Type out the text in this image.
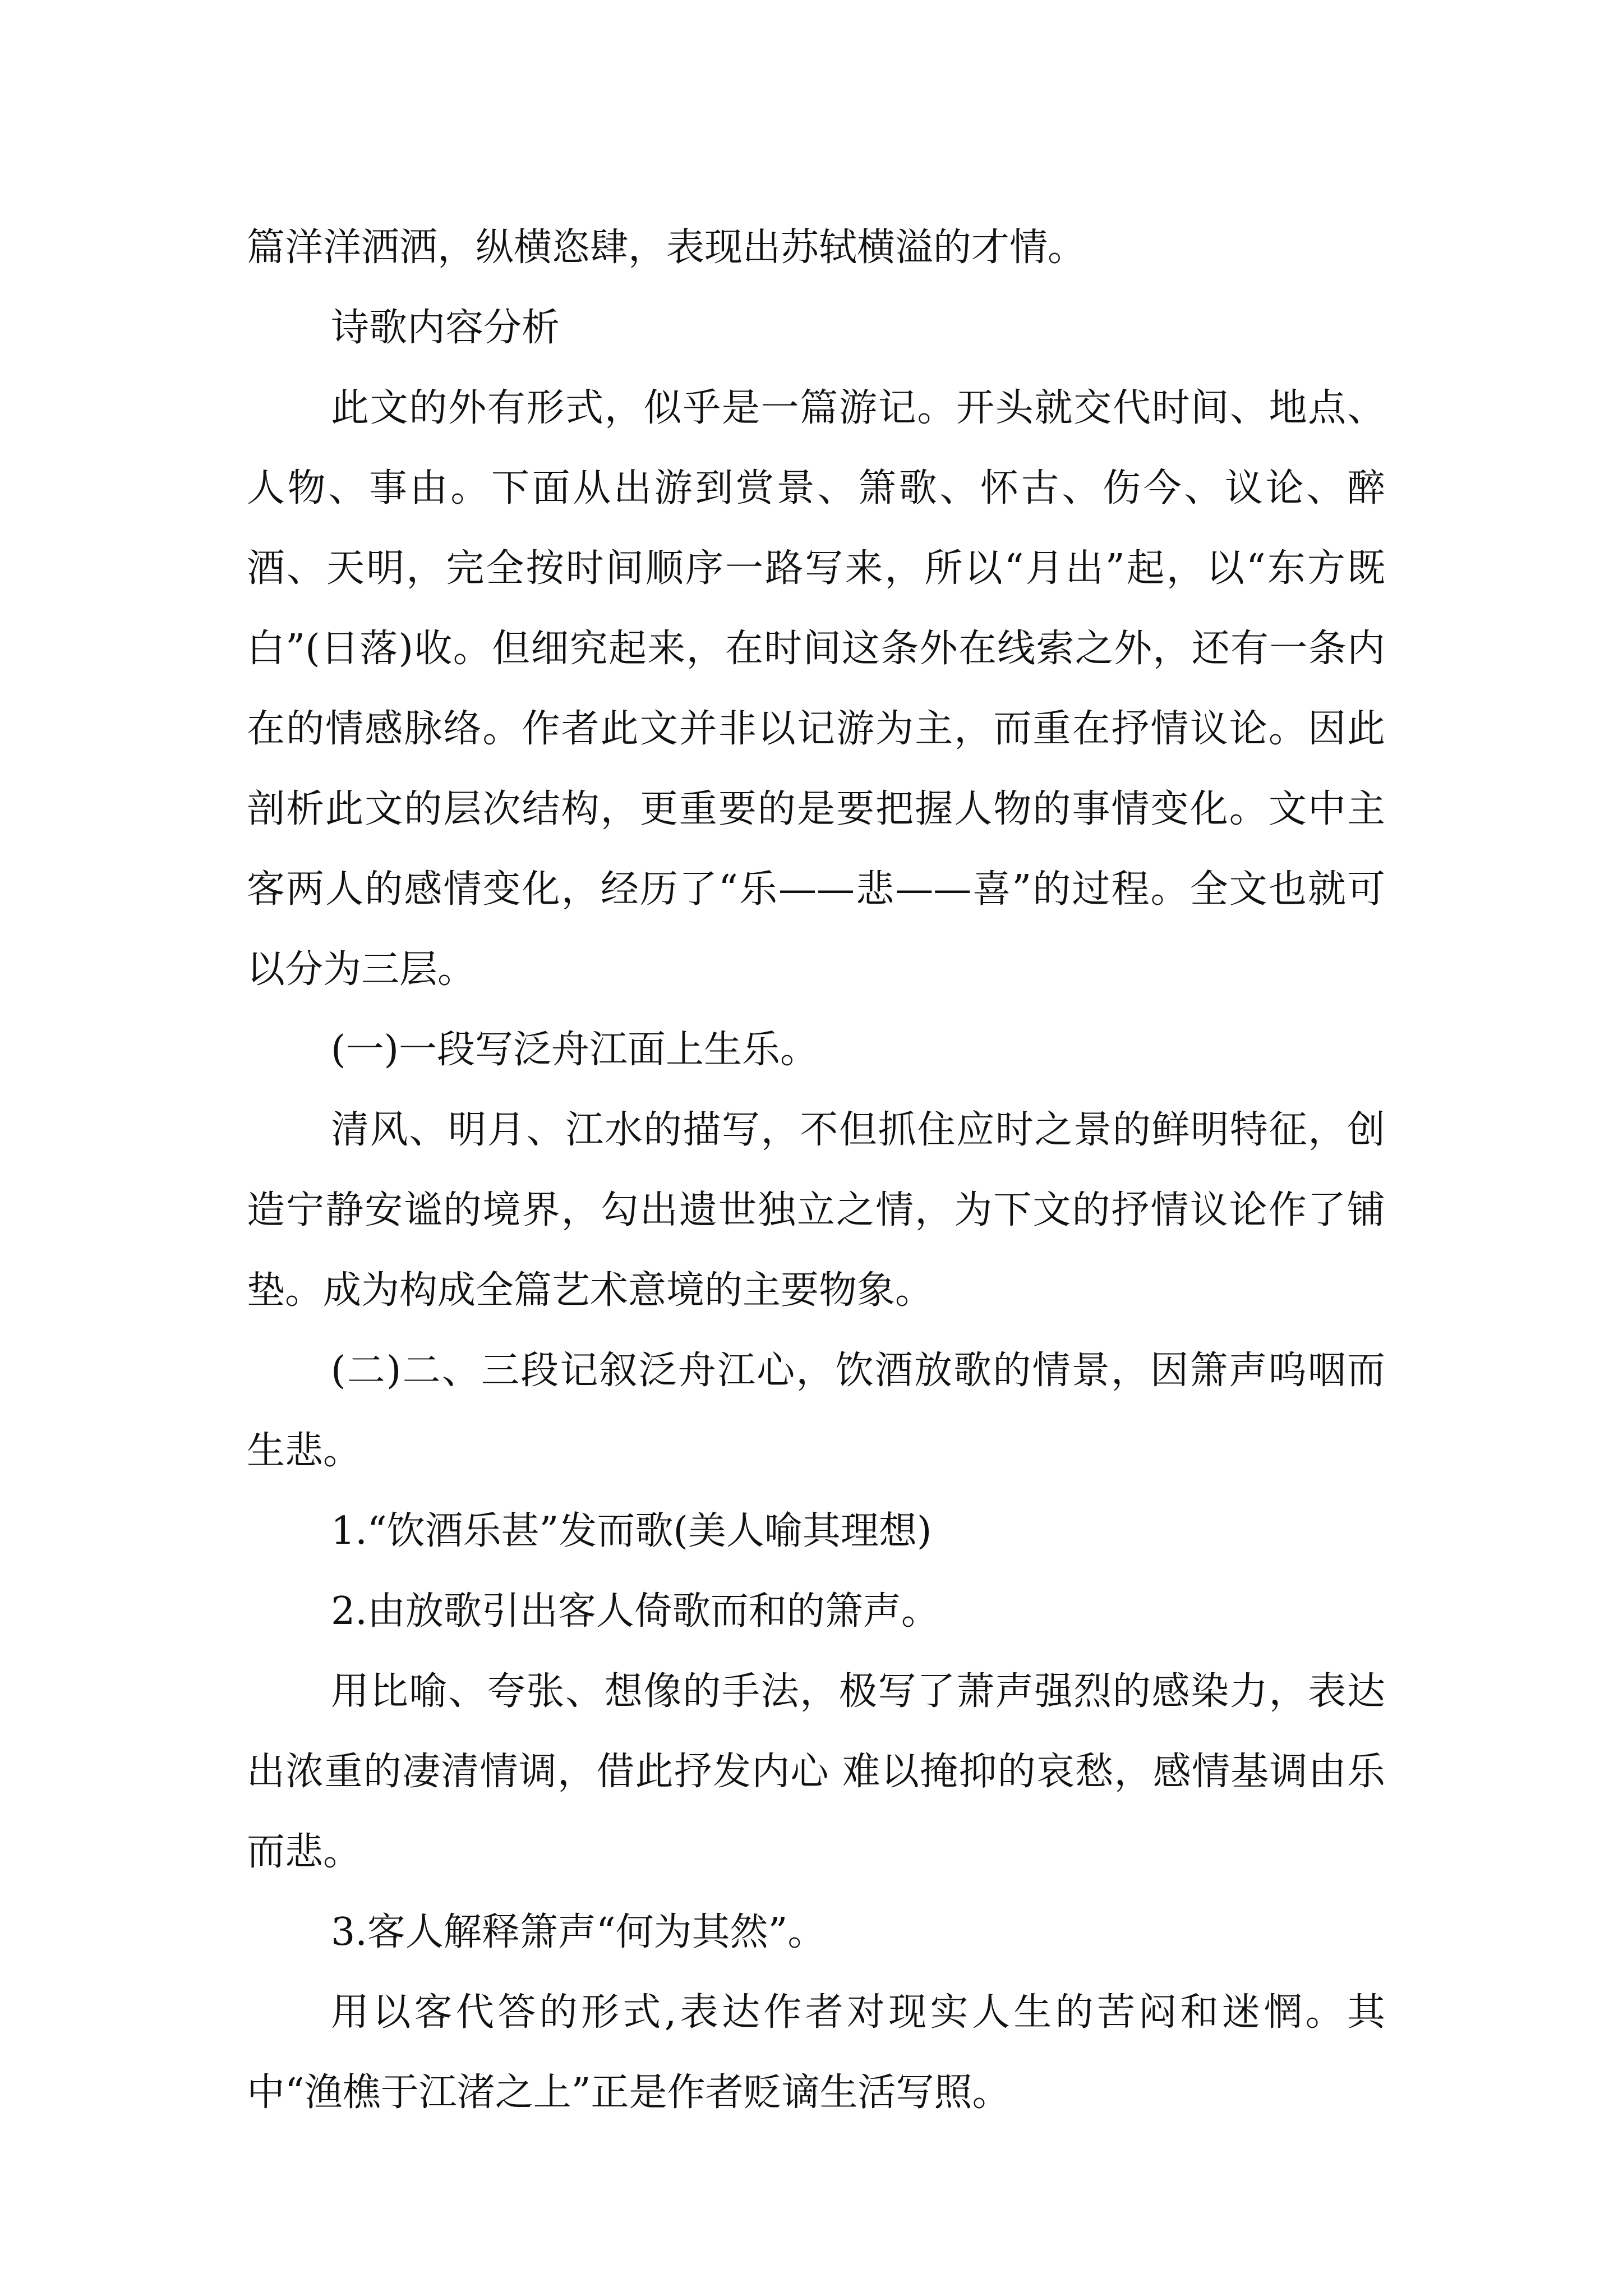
篇洋洋洒洒，纵横恣肆，表现出苏轼横溢的才情。

诗歌内容分析

此文的外有形式，似乎是一篇游记。开头就交代时间、地点、人物、事由。下面从出游到赏景、箫歌、怀古、伤今、议论、醉酒、天明，完全按时间顺序一路写来，所以“月出”起，以“东方既白”(日落)收。但细究起来，在时间这条外在线索之外，还有一条内在的情感脉络。作者此文并非以记游为主，而重在抒情议论。因此剖析此文的层次结构，更重要的是要把握人物的事情变化。文中主客两人的感情变化，经历了“乐——悲——喜”的过程。全文也就可以分为三层。

(一)一段写泛舟江面上生乐。

清风、明月、江水的描写，不但抓住应时之景的鲜明特征，创造宁静安谧的境界，勾出遗世独立之情，为下文的抒情议论作了铺垫。成为构成全篇艺术意境的主要物象。

(二)二、三段记叙泛舟江心，饮酒放歌的情景，因箫声呜咽而生悲。

1.“饮酒乐甚”发而歌(美人喻其理想)

2.由放歌引出客人倚歌而和的箫声。

用比喻、夸张、想像的手法，极写了萧声强烈的感染力，表达出浓重的凄清情调，借此抒发内心 难以掩抑的哀愁，感情基调由乐而悲。

3.客人解释箫声“何为其然”。

用以客代答的形式,表达作者对现实人生的苦闷和迷惘。其中“渔樵于江渚之上”正是作者贬谪生活写照。
